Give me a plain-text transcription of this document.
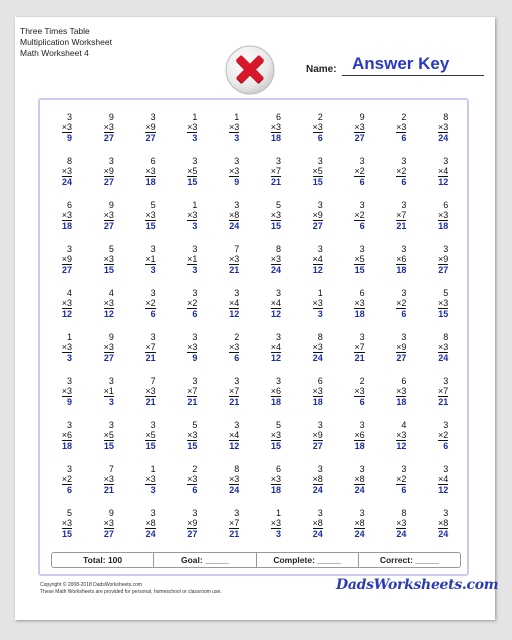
Three Times Table
Multiplication Worksheet
Math Worksheet 4
Name: Answer Key
3
×3
9
9
×3
27
3
×9
27
1
×3
3
1
×3
3
6
×3
18
2
×3
6
9
×3
27
2
×3
6
8
×3
24
8
×3
24
3
×9
27
6
×3
18
3
×5
15
3
×3
9
3
×7
21
3
×5
15
3
×2
6
3
×2
6
3
×4
12
6
×3
18
9
×3
27
5
×3
15
1
×3
3
3
×8
24
5
×3
15
3
×9
27
3
×2
6
3
×7
21
6
×3
18
3
×9
27
5
×3
15
3
×1
3
3
×1
3
7
×3
21
8
×3
24
3
×4
12
3
×5
15
3
×6
18
3
×9
27
4
×3
12
4
×3
12
3
×2
6
3
×2
6
3
×4
12
3
×4
12
1
×3
3
6
×3
18
3
×2
6
5
×3
15
1
×3
3
9
×3
27
3
×7
21
3
×3
9
2
×3
6
3
×4
12
8
×3
24
3
×7
21
3
×9
27
8
×3
24
3
×3
9
3
×1
3
7
×3
21
3
×7
21
3
×7
21
3
×6
18
6
×3
18
2
×3
6
6
×3
18
3
×7
21
3
×6
18
3
×5
15
3
×5
15
5
×3
15
3
×4
12
5
×3
15
3
×9
27
3
×6
18
4
×3
12
3
×2
6
3
×2
6
7
×3
21
1
×3
3
2
×3
6
8
×3
24
6
×3
18
3
×8
24
3
×8
24
3
×2
6
3
×4
12
5
×3
15
9
×3
27
3
×8
24
3
×9
27
3
×7
21
1
×3
3
3
×8
24
3
×8
24
8
×3
24
3
×8
24
Total: 100	Goal: _____	Complete: _____	Correct: _____
Copyright © 2008-2018 DadsWorksheets.com
These Math Worksheets are provided for personal, homeschool or classroom use.	DadsWorksheets.com
